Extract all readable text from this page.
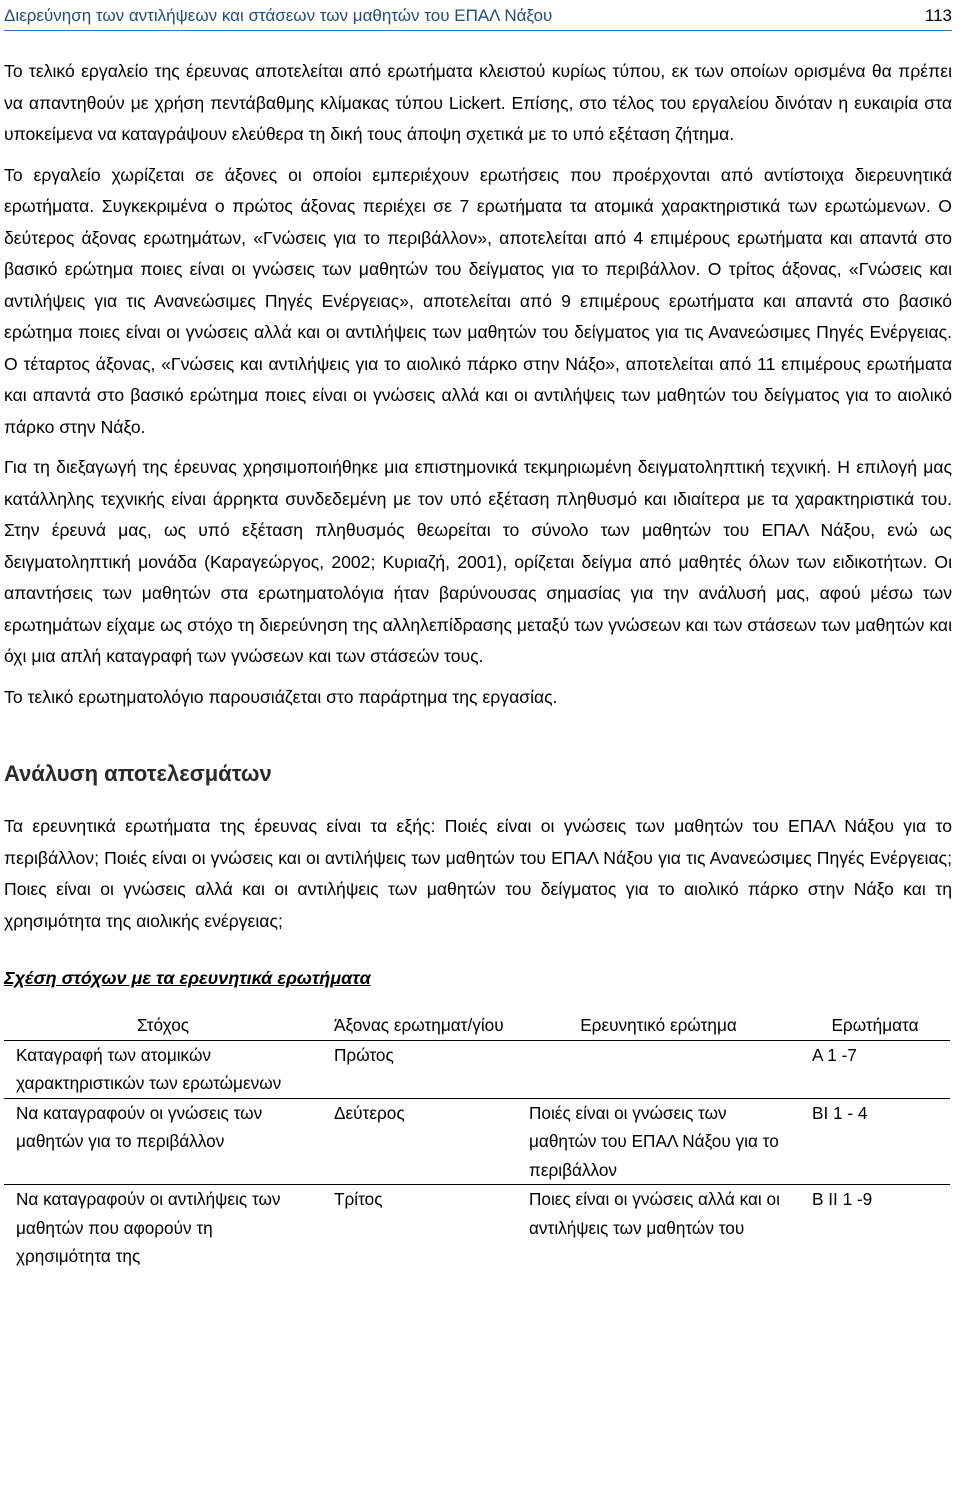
Διερεύνηση των αντιλήψεων και στάσεων των μαθητών του ΕΠΑΛ Νάξου	113

Το τελικό εργαλείο της έρευνας αποτελείται από ερωτήματα κλειστού κυρίως τύπου, εκ των οποίων ορισμένα θα πρέπει να απαντηθούν με χρήση πεντάβαθμης κλίμακας τύπου Lickert. Επίσης, στο τέλος του εργαλείου δινόταν η ευκαιρία στα υποκείμενα να καταγράψουν ελεύθερα τη δική τους άποψη σχετικά με το υπό εξέταση ζήτημα.

Το εργαλείο χωρίζεται σε άξονες οι οποίοι εμπεριέχουν ερωτήσεις που προέρχονται από αντίστοιχα διερευνητικά ερωτήματα. Συγκεκριμένα ο πρώτος άξονας περιέχει σε 7 ερωτήματα τα ατομικά χαρακτηριστικά των ερωτώμενων. Ο δεύτερος άξονας ερωτημάτων, «Γνώσεις για το περιβάλλον», αποτελείται από 4 επιμέρους ερωτήματα και απαντά στο βασικό ερώτημα ποιες είναι οι γνώσεις των μαθητών του δείγματος για το περιβάλλον. Ο τρίτος άξονας, «Γνώσεις και αντιλήψεις για τις Ανανεώσιμες Πηγές Ενέργειας», αποτελείται από 9 επιμέρους ερωτήματα και απαντά στο βασικό ερώτημα ποιες είναι οι γνώσεις αλλά και οι αντιλήψεις των μαθητών του δείγματος για τις Ανανεώσιμες Πηγές Ενέργειας. Ο τέταρτος άξονας, «Γνώσεις και αντιλήψεις για το αιολικό πάρκο στην Νάξο», αποτελείται από 11 επιμέρους ερωτήματα και απαντά στο βασικό ερώτημα ποιες είναι οι γνώσεις αλλά και οι αντιλήψεις των μαθητών του δείγματος για το αιολικό πάρκο στην Νάξο.

Για τη διεξαγωγή της έρευνας χρησιμοποιήθηκε μια επιστημονικά τεκμηριωμένη δειγματοληπτική τεχνική. Η επιλογή μας κατάλληλης τεχνικής είναι άρρηκτα συνδεδεμένη με τον υπό εξέταση πληθυσμό και ιδιαίτερα με τα χαρακτηριστικά του. Στην έρευνά μας, ως υπό εξέταση πληθυσμός θεωρείται το σύνολο των μαθητών του ΕΠΑΛ Νάξου, ενώ ως δειγματοληπτική μονάδα (Καραγεώργος, 2002; Κυριαζή, 2001), ορίζεται δείγμα από μαθητές όλων των ειδικοτήτων. Οι απαντήσεις των μαθητών στα ερωτηματολόγια ήταν βαρύνουσας σημασίας για την ανάλυσή μας, αφού μέσω των ερωτημάτων είχαμε ως στόχο τη διερεύνηση της αλληλεπίδρασης μεταξύ των γνώσεων και των στάσεων των μαθητών και όχι μια απλή καταγραφή των γνώσεων και των στάσεών τους.

Το τελικό ερωτηματολόγιο παρουσιάζεται στο παράρτημα της εργασίας.

Ανάλυση αποτελεσμάτων

Τα ερευνητικά ερωτήματα της έρευνας είναι τα εξής: Ποιές είναι οι γνώσεις των μαθητών του ΕΠΑΛ Νάξου για το περιβάλλον; Ποιές είναι οι γνώσεις και οι αντιλήψεις των μαθητών του ΕΠΑΛ Νάξου για τις Ανανεώσιμες Πηγές Ενέργειας; Ποιες είναι οι γνώσεις αλλά και οι αντιλήψεις των μαθητών του δείγματος για το αιολικό πάρκο στην Νάξο και τη χρησιμότητα της αιολικής ενέργειας;

Σχέση στόχων με τα ερευνητικά ερωτήματα
Στόχος	Άξονας ερωτηματ/γίου	Ερευνητικό ερώτημα	Ερωτήματα
Καταγραφή των ατομικών χαρακτηριστικών των ερωτώμενων	Πρώτος		Α 1 -7
Να καταγραφούν οι γνώσεις των μαθητών για το περιβάλλον	Δεύτερος	Ποιές είναι οι γνώσεις των μαθητών του ΕΠΑΛ Νάξου για το περιβάλλον	ΒΙ 1 - 4
Να καταγραφούν οι αντιλήψεις των μαθητών που αφορούν τη χρησιμότητα της	Τρίτος	Ποιες είναι οι γνώσεις αλλά και οι αντιλήψεις των μαθητών του	Β ΙΙ 1 -9
